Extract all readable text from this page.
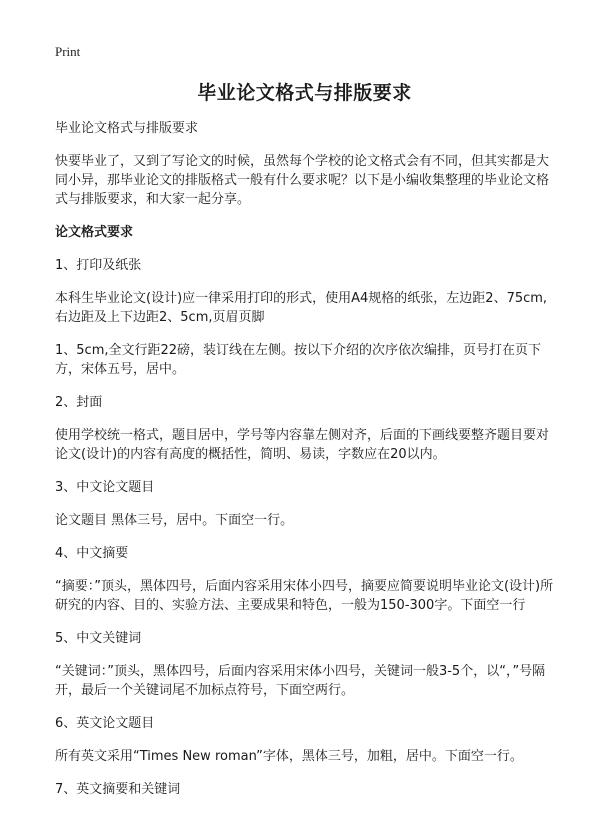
Print
毕业论文格式与排版要求

毕业论文格式与排版要求

快要毕业了，又到了写论文的时候，虽然每个学校的论文格式会有不同，但其实都是大同小异，那毕业论文的排版格式一般有什么要求呢？以下是小编收集整理的毕业论文格式与排版要求，和大家一起分享。

论文格式要求

1、打印及纸张

本科生毕业论文(设计)应一律采用打印的形式，使用A4规格的纸张，左边距2、75cm,右边距及上下边距2、5cm,页眉页脚

1、5cm,全文行距22磅，装订线在左侧。按以下介绍的次序依次编排，页号打在页下方，宋体五号，居中。

2、封面

使用学校统一格式，题目居中，学号等内容靠左侧对齐，后面的下画线要整齐题目要对论文(设计)的内容有高度的概括性，简明、易读，字数应在20以内。

3、中文论文题目

论文题目 黑体三号，居中。下面空一行。

4、中文摘要

“摘要：”顶头，黑体四号，后面内容采用宋体小四号，摘要应简要说明毕业论文(设计)所研究的内容、目的、实验方法、主要成果和特色，一般为150-300字。下面空一行

5、中文关键词

“关键词：”顶头，黑体四号，后面内容采用宋体小四号，关键词一般3-5个，以“，”号隔开，最后一个关键词尾不加标点符号，下面空两行。

6、英文论文题目

所有英文采用“Times New roman”字体，黑体三号，加粗，居中。下面空一行。

7、英文摘要和关键词
